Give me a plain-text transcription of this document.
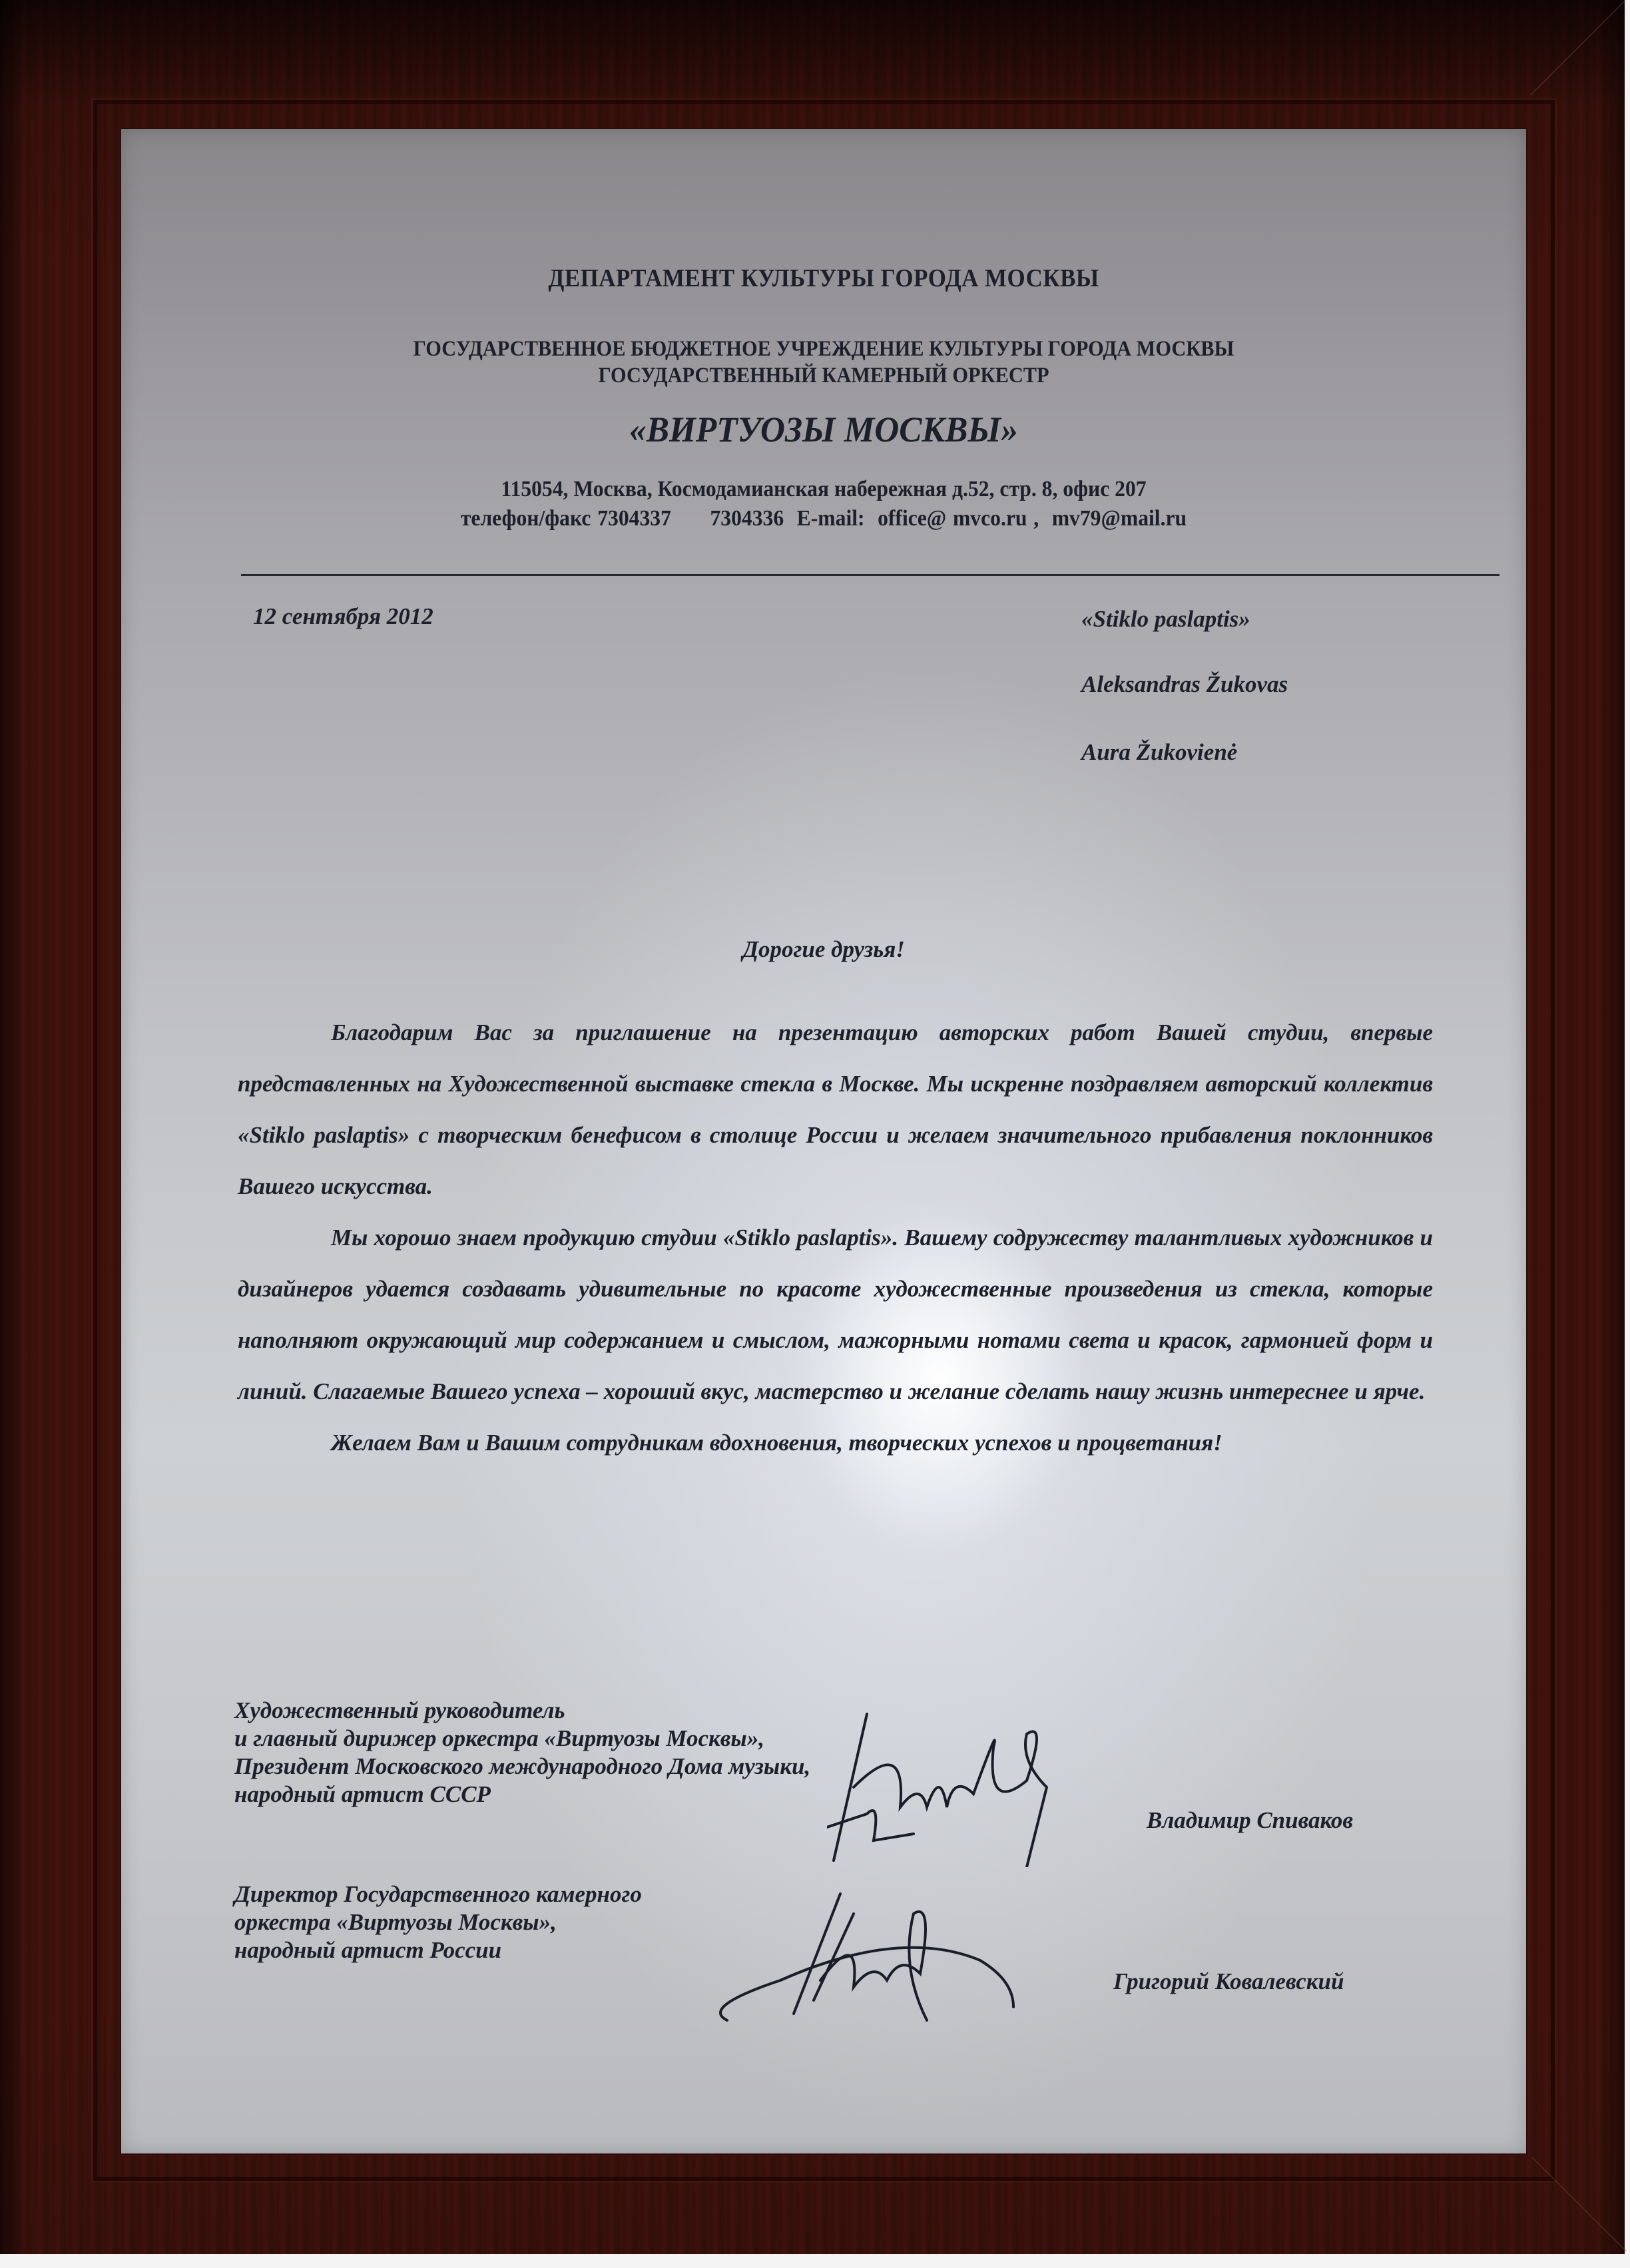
ДЕПАРТАМЕНТ КУЛЬТУРЫ ГОРОДА МОСКВЫ
ГОСУДАРСТВЕННОЕ БЮДЖЕТНОЕ УЧРЕЖДЕНИЕ КУЛЬТУРЫ ГОРОДА МОСКВЫ
ГОСУДАРСТВЕННЫЙ КАМЕРНЫЙ ОРКЕСТР
«ВИРТУОЗЫ МОСКВЫ»
115054, Москва, Космодамианская набережная д.52, стр. 8, офис 207
телефон/факс 7304337      7304336  E-mail:  office@ mvco.ru ,  mv79@mail.ru
12 сентября 2012	«Stiklo paslaptis»
Aleksandras Žukovas
Aura Žukovienė
Дорогие друзья!

Благодарим Вас за приглашение на презентацию авторских работ Вашей студии, впервые представленных на Художественной выставке стекла в Москве. Мы искренне поздравляем авторский коллектив «Stiklo paslaptis» с творческим бенефисом в столице России и желаем значительного прибавления поклонников Вашего искусства.

Мы хорошо знаем продукцию студии «Stiklo paslaptis». Вашему содружеству талантливых художников и дизайнеров удается создавать удивительные по красоте художественные произведения из стекла, которые наполняют окружающий мир содержанием и смыслом, мажорными нотами света и красок, гармонией форм и линий. Слагаемые Вашего успеха – хороший вкус, мастерство и желание сделать нашу жизнь интереснее и ярче.

Желаем Вам и Вашим сотрудникам вдохновения, творческих успехов и процветания!

Художественный руководитель
и главный дирижер оркестра «Виртуозы Москвы»,
Президент Московского международного Дома музыки,
народный артист СССР
Владимир Спиваков
Директор Государственного камерного
оркестра «Виртуозы Москвы»,
народный артист России
Григорий Ковалевский
